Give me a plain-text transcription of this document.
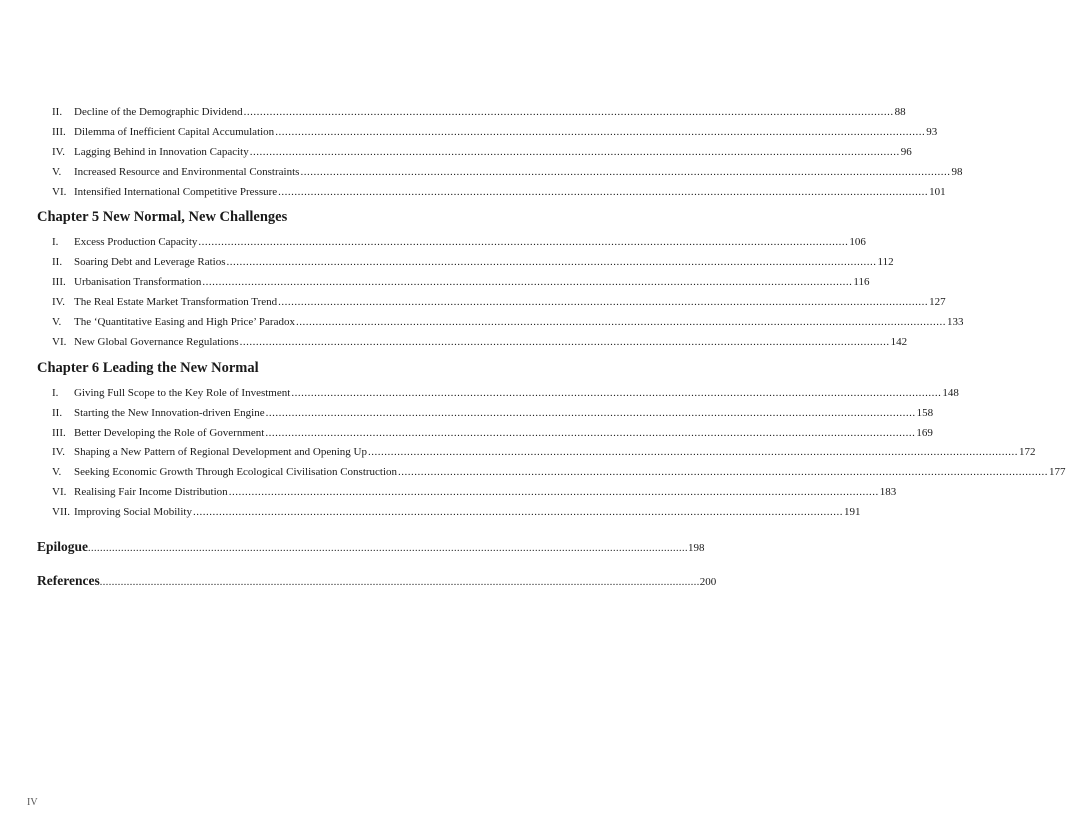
II.	Decline of the Demographic Dividend .....	88
III. Dilemma of Inefficient Capital Accumulation .....	93
IV. Lagging Behind in Innovation Capacity .....	96
V.	Increased Resource and Environmental Constraints .....	98
VI. Intensified International Competitive Pressure .....	101
Chapter 5 New Normal, New Challenges
I.	Excess Production Capacity .....	106
II.	Soaring Debt and Leverage Ratios .....	112
III. Urbanisation Transformation .....	116
IV. The Real Estate Market Transformation Trend .....	127
V.	The ‘Quantitative Easing and High Price’ Paradox .....	133
VI. New Global Governance Regulations .....	142
Chapter 6 Leading the New Normal
I.	Giving Full Scope to the Key Role of Investment .....	148
II.	Starting the New Innovation-driven Engine .....	158
III. Better Developing the Role of Government .....	169
IV. Shaping a New Pattern of Regional Development and Opening Up .....	172
V.	Seeking Economic Growth Through Ecological Civilisation Construction .....	177
VI. Realising Fair Income Distribution .....	183
VII. Improving Social Mobility .....	191
Epilogue .....	198
References .....	200
IV
